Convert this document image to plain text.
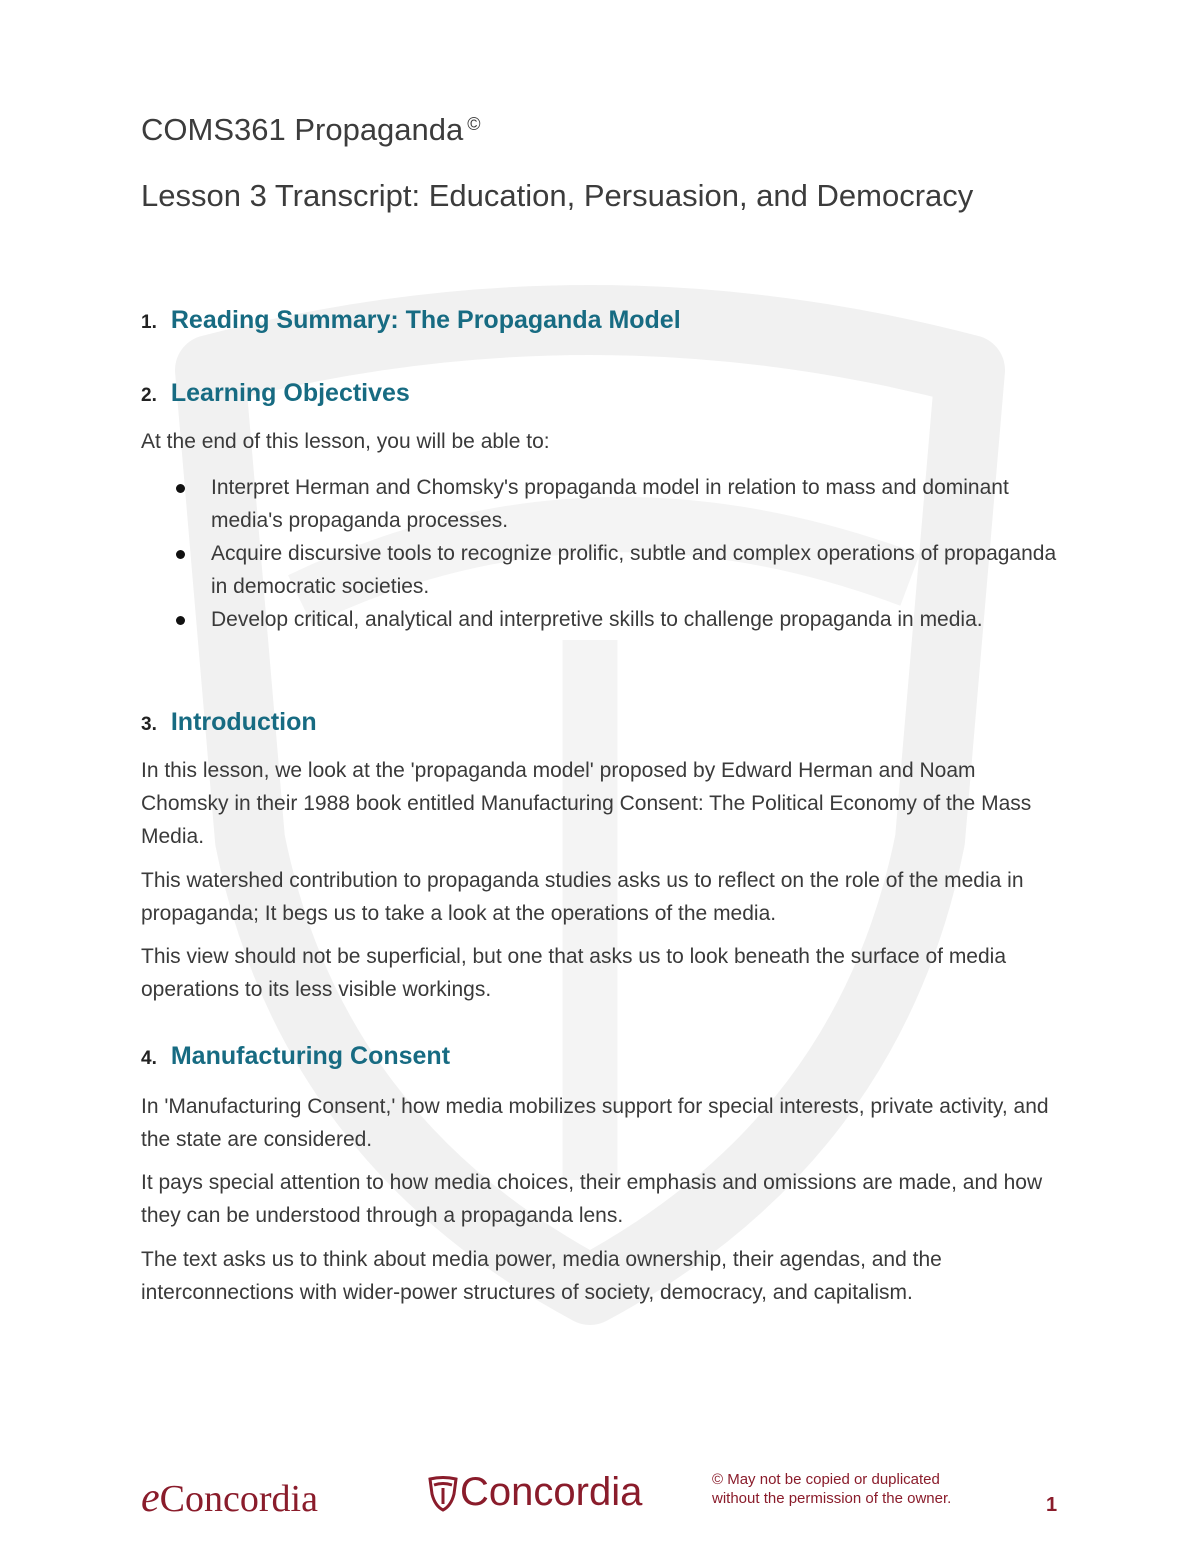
COMS361 Propaganda ©
Lesson 3 Transcript: Education, Persuasion, and Democracy
1. Reading Summary: The Propaganda Model
2. Learning Objectives

At the end of this lesson, you will be able to:

Interpret Herman and Chomsky's propaganda model in relation to mass and dominant media's propaganda processes.
Acquire discursive tools to recognize prolific, subtle and complex operations of propaganda in democratic societies.
Develop critical, analytical and interpretive skills to challenge propaganda in media.
3. Introduction

In this lesson, we look at the 'propaganda model' proposed by Edward Herman and Noam Chomsky in their 1988 book entitled Manufacturing Consent: The Political Economy of the Mass Media.

This watershed contribution to propaganda studies asks us to reflect on the role of the media in propaganda; It begs us to take a look at the operations of the media.

This view should not be superficial, but one that asks us to look beneath the surface of media operations to its less visible workings.

4. Manufacturing Consent

In 'Manufacturing Consent,' how media mobilizes support for special interests, private activity, and the state are considered.

It pays special attention to how media choices, their emphasis and omissions are made, and how they can be understood through a propaganda lens.

The text asks us to think about media power, media ownership, their agendas, and the interconnections with wider-power structures of society, democracy, and capitalism.

eConcordia	Concordia	© May not be copied or duplicated
without the permission of the owner.	1
